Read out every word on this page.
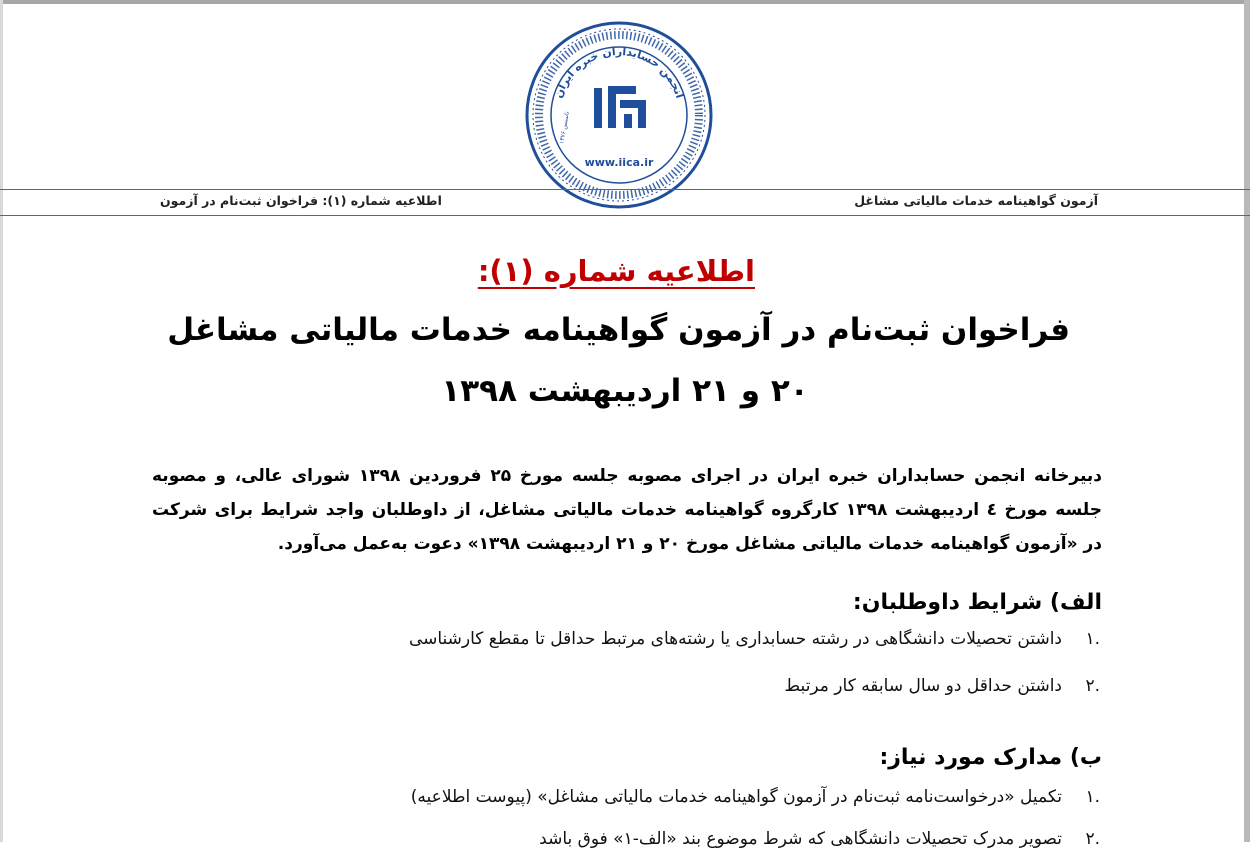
انجمن حسابداران خبره ایران
www.iica.ir
تاسیس ۱۳۷۶
آزمون گواهینامه خدمات مالیاتی مشاغل
اطلاعیه شماره (۱): فراخوان ثبت‌نام در آزمون
اطلاعیه شماره (۱):
فراخوان ثبت‌نام در آزمون گواهینامه خدمات مالیاتی مشاغل
۲۰ و ۲۱ اردیبهشت ۱۳۹۸
دبیرخانه انجمن حسابداران خبره ایران در اجرای مصوبه جلسه مورخ ۲۵ فروردین ۱۳۹۸ شورای عالی، و مصوبه جلسه مورخ ٤ اردیبهشت ۱۳۹۸ کارگروه گواهینامه خدمات مالیاتی مشاغل، از داوطلبان واجد شرایط برای شرکت در «آزمون گواهینامه خدمات مالیاتی مشاغل مورخ ۲۰ و ۲۱ اردیبهشت ۱۳۹۸» دعوت به‌عمل می‌آورد.
الف) شرایط داوطلبان:
داشتن تحصیلات دانشگاهی در رشته حسابداری یا رشته‌های مرتبط حداقل تا مقطع کارشناسی ۱.
داشتن حداقل دو سال سابقه کار مرتبط ۲.
ب) مدارک مورد نیاز:
تکمیل «درخواست‌نامه ثبت‌نام در آزمون گواهینامه خدمات مالیاتی مشاغل» (پیوست اطلاعیه) ۱.
تصویر مدرک تحصیلات دانشگاهی که شرط موضوع بند «الف-۱» فوق باشد ۲.
